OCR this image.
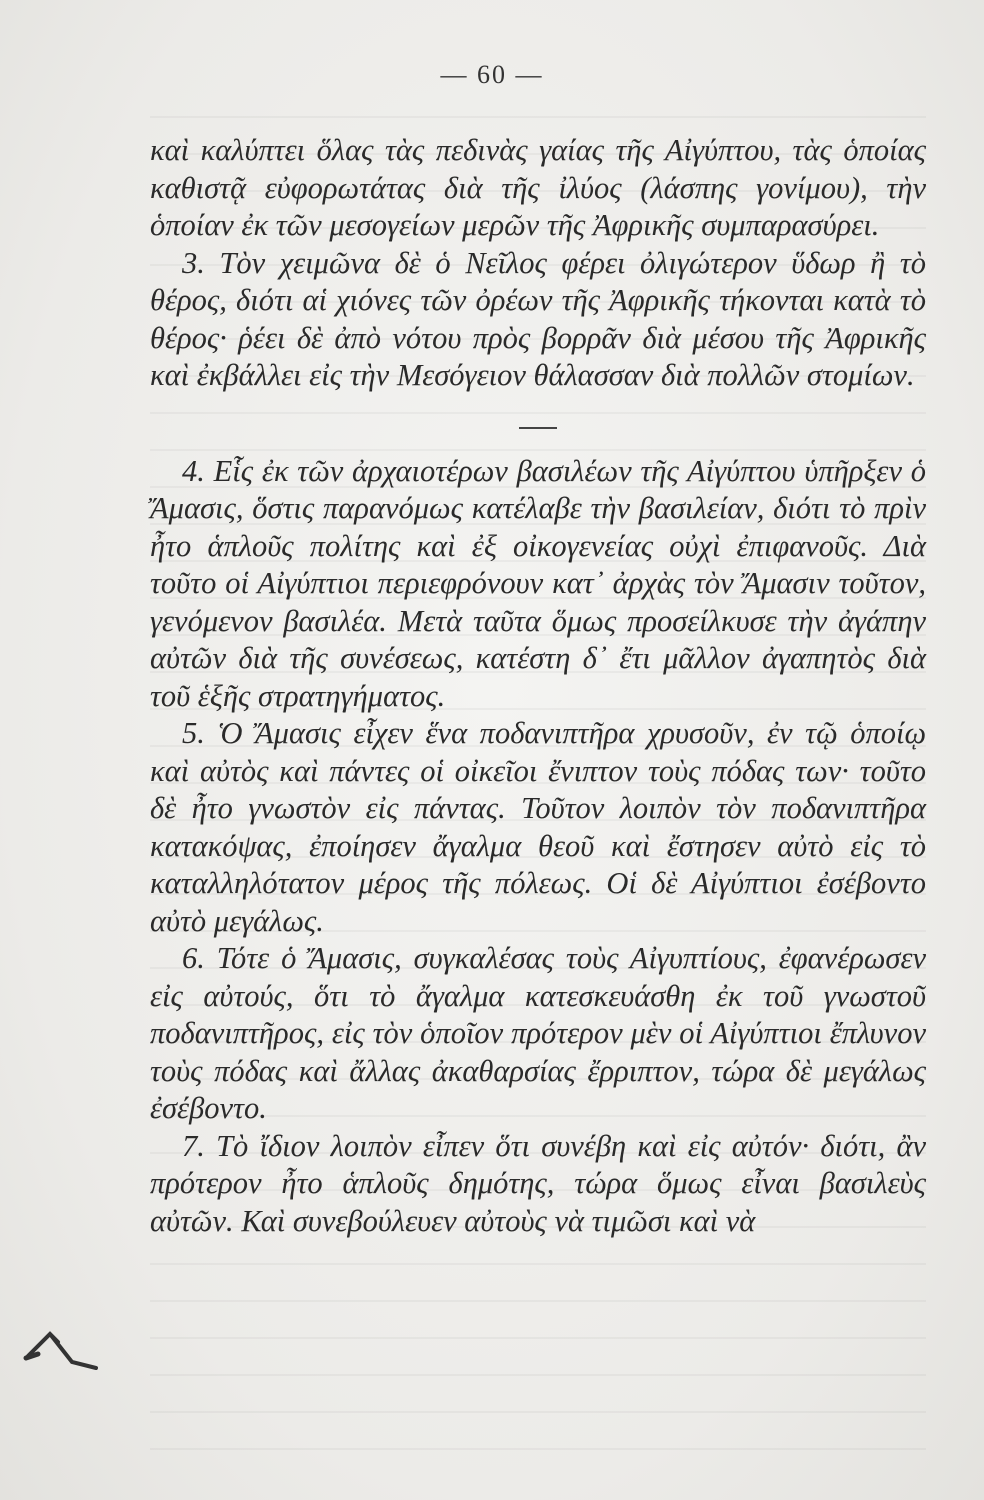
— 60 —

καὶ καλύπτει ὅλας τὰς πεδινὰς γαίας τῆς Αἰγύπτου, τὰς ὁποίας καθιστᾷ εὐφορωτάτας διὰ τῆς ἰλύος (λάσπης γονίμου), τὴν ὁποίαν ἐκ τῶν μεσογείων μερῶν τῆς Ἀφρικῆς συμπαρασύρει.

3. Τὸν χειμῶνα δὲ ὁ Νεῖλος φέρει ὀλιγώτερον ὕδωρ ἢ τὸ θέρος, διότι αἱ χιόνες τῶν ὀρέων τῆς Ἀφρικῆς τήκονται κατὰ τὸ θέρος· ῥέει δὲ ἀπὸ νότου πρὸς βορρᾶν διὰ μέσου τῆς Ἀφρικῆς καὶ ἐκβάλλει εἰς τὴν Μεσόγειον θάλασσαν διὰ πολλῶν στομίων.

4. Εἷς ἐκ τῶν ἀρχαιοτέρων βασιλέων τῆς Αἰγύπτου ὑπῆρξεν ὁ Ἄμασις, ὅστις παρανόμως κατέλαβε τὴν βασιλείαν, διότι τὸ πρὶν ἦτο ἁπλοῦς πολίτης καὶ ἐξ οἰκογενείας οὐχὶ ἐπιφανοῦς. Διὰ τοῦτο οἱ Αἰγύπτιοι περιεφρόνουν κατ᾽ ἀρχὰς τὸν Ἄμασιν τοῦτον, γενόμενον βασιλέα. Μετὰ ταῦτα ὅμως προσείλκυσε τὴν ἀγάπην αὐτῶν διὰ τῆς συνέσεως, κατέστη δ᾽ ἔτι μᾶλλον ἀγαπητὸς διὰ τοῦ ἑξῆς στρατηγήματος.

5. Ὁ Ἄμασις εἶχεν ἕνα ποδανιπτῆρα χρυσοῦν, ἐν τῷ ὁποίῳ καὶ αὐτὸς καὶ πάντες οἱ οἰκεῖοι ἔνιπτον τοὺς πόδας των· τοῦτο δὲ ἦτο γνωστὸν εἰς πάντας. Τοῦτον λοιπὸν τὸν ποδανιπτῆρα κατακόψας, ἐποίησεν ἄγαλμα θεοῦ καὶ ἔστησεν αὐτὸ εἰς τὸ καταλληλότατον μέρος τῆς πόλεως. Οἱ δὲ Αἰγύπτιοι ἐσέβοντο αὐτὸ μεγάλως.

6. Τότε ὁ Ἄμασις, συγκαλέσας τοὺς Αἰγυπτίους, ἐφανέρωσεν εἰς αὐτούς, ὅτι τὸ ἄγαλμα κατεσκευάσθη ἐκ τοῦ γνωστοῦ ποδανιπτῆρος, εἰς τὸν ὁποῖον πρότερον μὲν οἱ Αἰγύπτιοι ἔπλυνον τοὺς πόδας καὶ ἄλλας ἀκαθαρσίας ἔρριπτον, τώρα δὲ μεγάλως ἐσέβοντο.

7. Τὸ ἴδιον λοιπὸν εἶπεν ὅτι συνέβη καὶ εἰς αὐτόν· διότι, ἂν πρότερον ἦτο ἁπλοῦς δημότης, τώρα ὅμως εἶναι βασιλεὺς αὐτῶν. Καὶ συνεβούλευεν αὐτοὺς νὰ τιμῶσι καὶ νὰ
